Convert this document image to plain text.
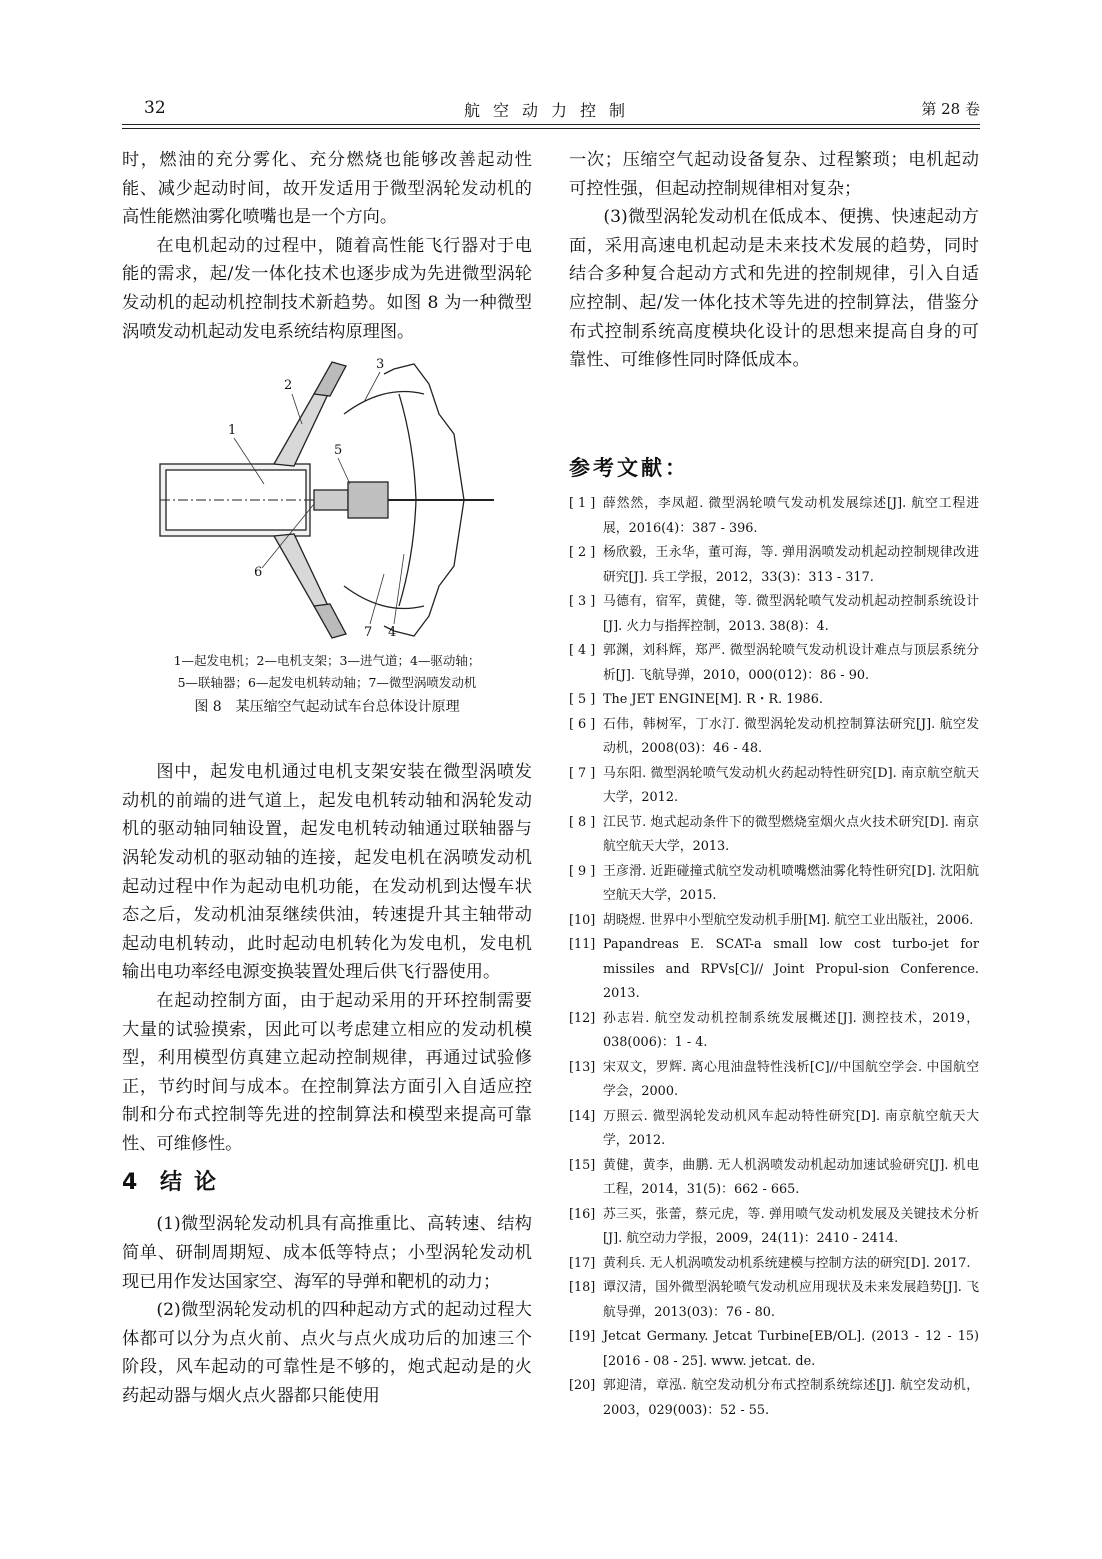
32	航空动力控制	第 28 卷

时，燃油的充分雾化、充分燃烧也能够改善起动性能、减少起动时间，故开发适用于微型涡轮发动机的高性能燃油雾化喷嘴也是一个方向。

在电机起动的过程中，随着高性能飞行器对于电能的需求，起/发一体化技术也逐步成为先进微型涡轮发动机的起动机控制技术新趋势。如图 8 为一种微型涡喷发动机起动发电系统结构原理图。

1
2
3
4
5
6
7
1—起发电机；2—电机支架；3—进气道；4—驱动轴；
5—联轴器；6—起发电机转动轴；7—微型涡喷发动机
图 8　某压缩空气起动试车台总体设计原理

图中，起发电机通过电机支架安装在微型涡喷发动机的前端的进气道上，起发电机转动轴和涡轮发动机的驱动轴同轴设置，起发电机转动轴通过联轴器与涡轮发动机的驱动轴的连接，起发电机在涡喷发动机起动过程中作为起动电机功能，在发动机到达慢车状态之后，发动机油泵继续供油，转速提升其主轴带动起动电机转动，此时起动电机转化为发电机，发电机输出电功率经电源变换装置处理后供飞行器使用。

在起动控制方面，由于起动采用的开环控制需要大量的试验摸索，因此可以考虑建立相应的发动机模型，利用模型仿真建立起动控制规律，再通过试验修正，节约时间与成本。在控制算法方面引入自适应控制和分布式控制等先进的控制算法和模型来提高可靠性、可维修性。

4 结论

(1)微型涡轮发动机具有高推重比、高转速、结构简单、研制周期短、成本低等特点；小型涡轮发动机现已用作发达国家空、海军的导弹和靶机的动力；

(2)微型涡轮发动机的四种起动方式的起动过程大体都可以分为点火前、点火与点火成功后的加速三个阶段，风车起动的可靠性是不够的，炮式起动是的火药起动器与烟火点火器都只能使用

一次；压缩空气起动设备复杂、过程繁琐；电机起动可控性强，但起动控制规律相对复杂；

(3)微型涡轮发动机在低成本、便携、快速起动方面，采用高速电机起动是未来技术发展的趋势，同时结合多种复合起动方式和先进的控制规律，引入自适应控制、起/发一体化技术等先进的控制算法，借鉴分布式控制系统高度模块化设计的思想来提高自身的可靠性、可维修性同时降低成本。

参考文献：
[ 1 ] 薛然然，李凤超. 微型涡轮喷气发动机发展综述[J]. 航空工程进展，2016(4)：387 - 396.
[ 2 ] 杨欣毅，王永华，董可海，等. 弹用涡喷发动机起动控制规律改进研究[J]. 兵工学报，2012，33(3)：313 - 317.
[ 3 ] 马德有，宿军，黄健，等. 微型涡轮喷气发动机起动控制系统设计[J]. 火力与指挥控制，2013. 38(8)：4.
[ 4 ] 郭渊，刘科辉，郑严. 微型涡轮喷气发动机设计难点与顶层系统分析[J]. 飞航导弹，2010，000(012)：86 - 90.
[ 5 ] The JET ENGINE[M]. R・R. 1986.
[ 6 ] 石伟，韩树军，丁水汀. 微型涡轮发动机控制算法研究[J]. 航空发动机，2008(03)：46 - 48.
[ 7 ] 马东阳. 微型涡轮喷气发动机火药起动特性研究[D]. 南京航空航天大学，2012.
[ 8 ] 江民节. 炮式起动条件下的微型燃烧室烟火点火技术研究[D]. 南京航空航天大学，2013.
[ 9 ] 王彦滑. 近距碰撞式航空发动机喷嘴燃油雾化特性研究[D]. 沈阳航空航天大学，2015.
[10] 胡晓煜. 世界中小型航空发动机手册[M]. 航空工业出版社，2006.
[11] Papandreas E. SCAT-a small low cost turbo-jet for missiles and RPVs[C]// Joint Propul-sion Conference. 2013.
[12] 孙志岩. 航空发动机控制系统发展概述[J]. 测控技术，2019，038(006)：1 - 4.
[13] 宋双文，罗辉. 离心甩油盘特性浅析[C]//中国航空学会. 中国航空学会，2000.
[14] 万照云. 微型涡轮发动机风车起动特性研究[D]. 南京航空航天大学，2012.
[15] 黄健，黄李，曲鹏. 无人机涡喷发动机起动加速试验研究[J]. 机电工程，2014，31(5)：662 - 665.
[16] 苏三买，张蕾，蔡元虎，等. 弹用喷气发动机发展及关键技术分析[J]. 航空动力学报，2009，24(11)：2410 - 2414.
[17] 黄利兵. 无人机涡喷发动机系统建模与控制方法的研究[D]. 2017.
[18] 谭汉清，国外微型涡轮喷气发动机应用现状及未来发展趋势[J]. 飞航导弹，2013(03)：76 - 80.
[19] Jetcat Germany. Jetcat Turbine[EB/OL]. (2013 - 12 - 15)[2016 - 08 - 25]. www. jetcat. de.
[20] 郭迎清，章泓. 航空发动机分布式控制系统综述[J]. 航空发动机，2003，029(003)：52 - 55.
